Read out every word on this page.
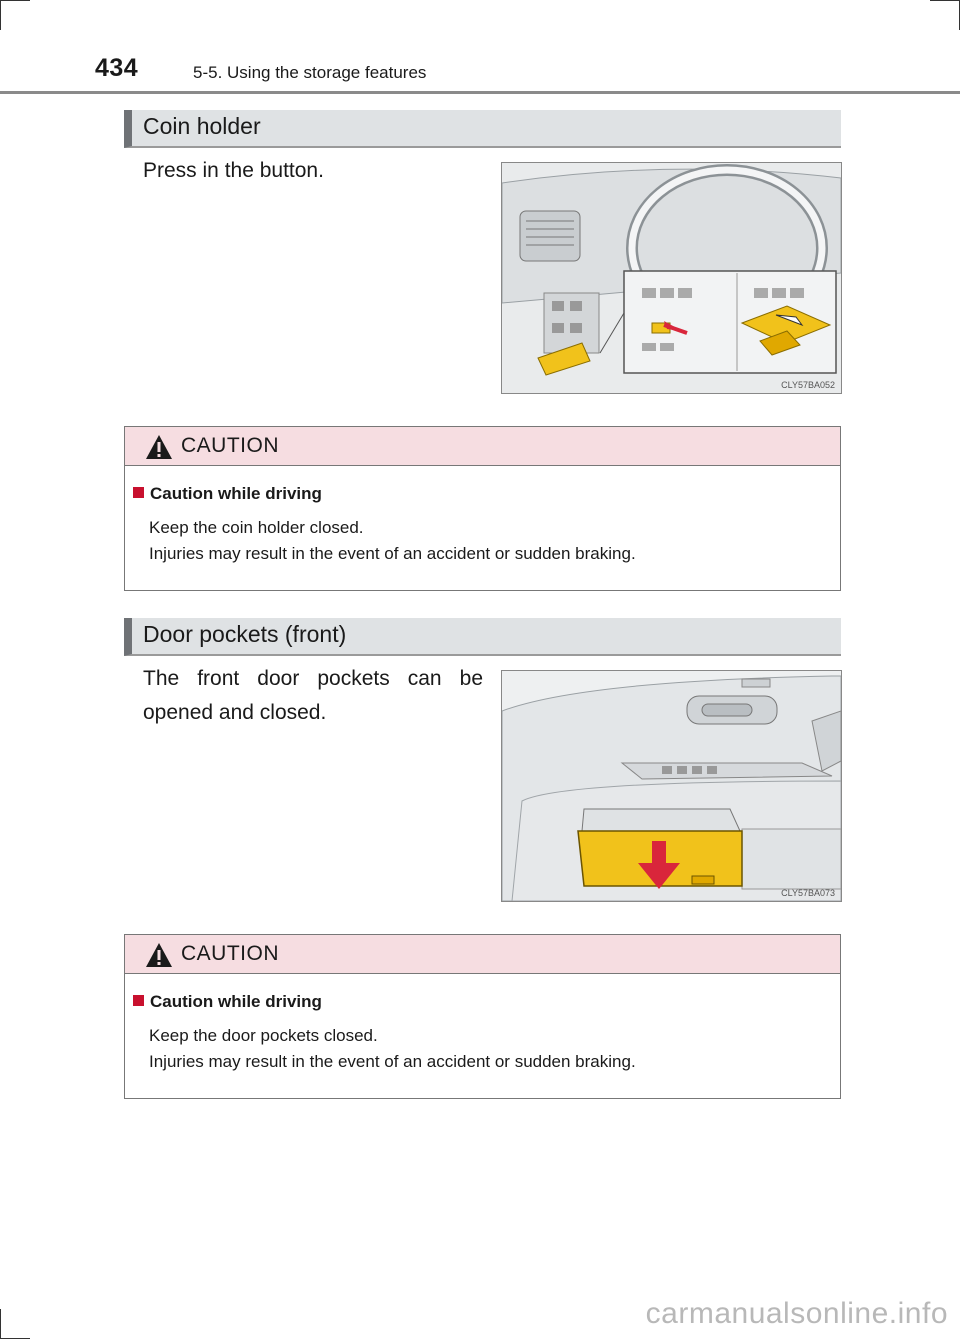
434	5-5. Using the storage features
Coin holder
Press in the button.
CLY57BA052
CAUTION
Caution while driving
Keep the coin holder closed.
Injuries may result in the event of an accident or sudden braking.
Door pockets (front)
The front door pockets can be
opened and closed.
CLY57BA073
CAUTION
Caution while driving
Keep the door pockets closed.
Injuries may result in the event of an accident or sudden braking.
carmanualsonline.info
